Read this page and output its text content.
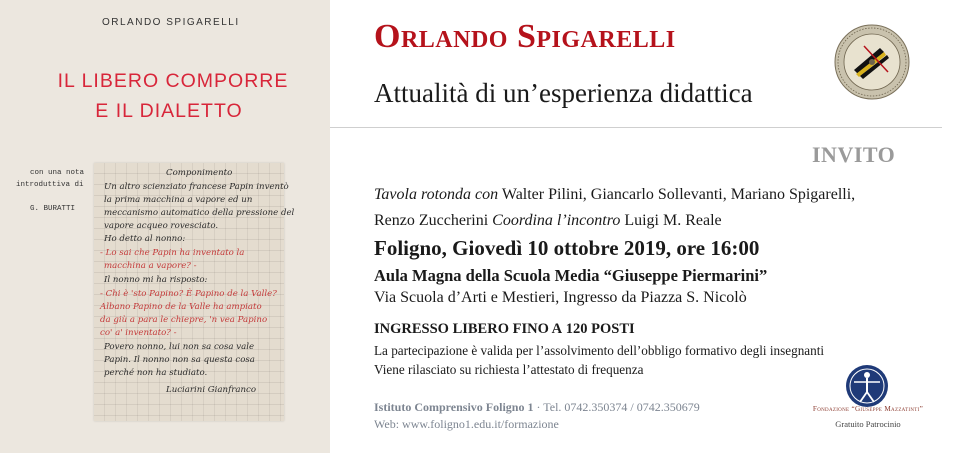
ORLANDO SPIGARELLI
IL LIBERO COMPORRE
E IL DIALETTO
con una nota
introduttiva di
G. BURATTI
Componimento
Un altro scienziato francese Papin inventò
la prima macchina a vapore ed un
meccanismo automatico della pressione del
vapore acqueo rovesciato.
Ho detto al nonno:
- Lo sai che Papin ha inventato la
macchina a vapore? -
Il nonno mi ha risposto:
- Chi è 'sto Papino? È Papino de la Valle?
Albano Papino de la Valle ha ampiato
da giù a para le chiepre, 'n vea Papino
co' a' inventato? -
Povero nonno, lui non sa cosa vale
Papin. Il nonno non sa questa cosa
perché non ha studiato.
Luciarini Gianfranco
Orlando Spigarelli
Attualità di un’esperienza didattica
INVITO
Tavola rotonda con Walter Pilini, Giancarlo Sollevanti, Mariano Spigarelli,
Renzo Zuccherini Coordina l’incontro Luigi M. Reale
Foligno, Giovedì 10 ottobre 2019, ore 16:00
Aula Magna della Scuola Media “Giuseppe Piermarini”
Via Scuola d’Arti e Mestieri, Ingresso da Piazza S. Nicolò
INGRESSO LIBERO FINO A 120 POSTI
La partecipazione è valida per l’assolvimento dell’obbligo formativo degli insegnanti
Viene rilasciato su richiesta l’attestato di frequenza
Istituto Comprensivo Foligno 1 · Tel. 0742.350374 / 0742.350679
Web: www.foligno1.edu.it/formazione
Fondazione “Giuseppe Mazzatinti”
Gratuito Patrocinio
